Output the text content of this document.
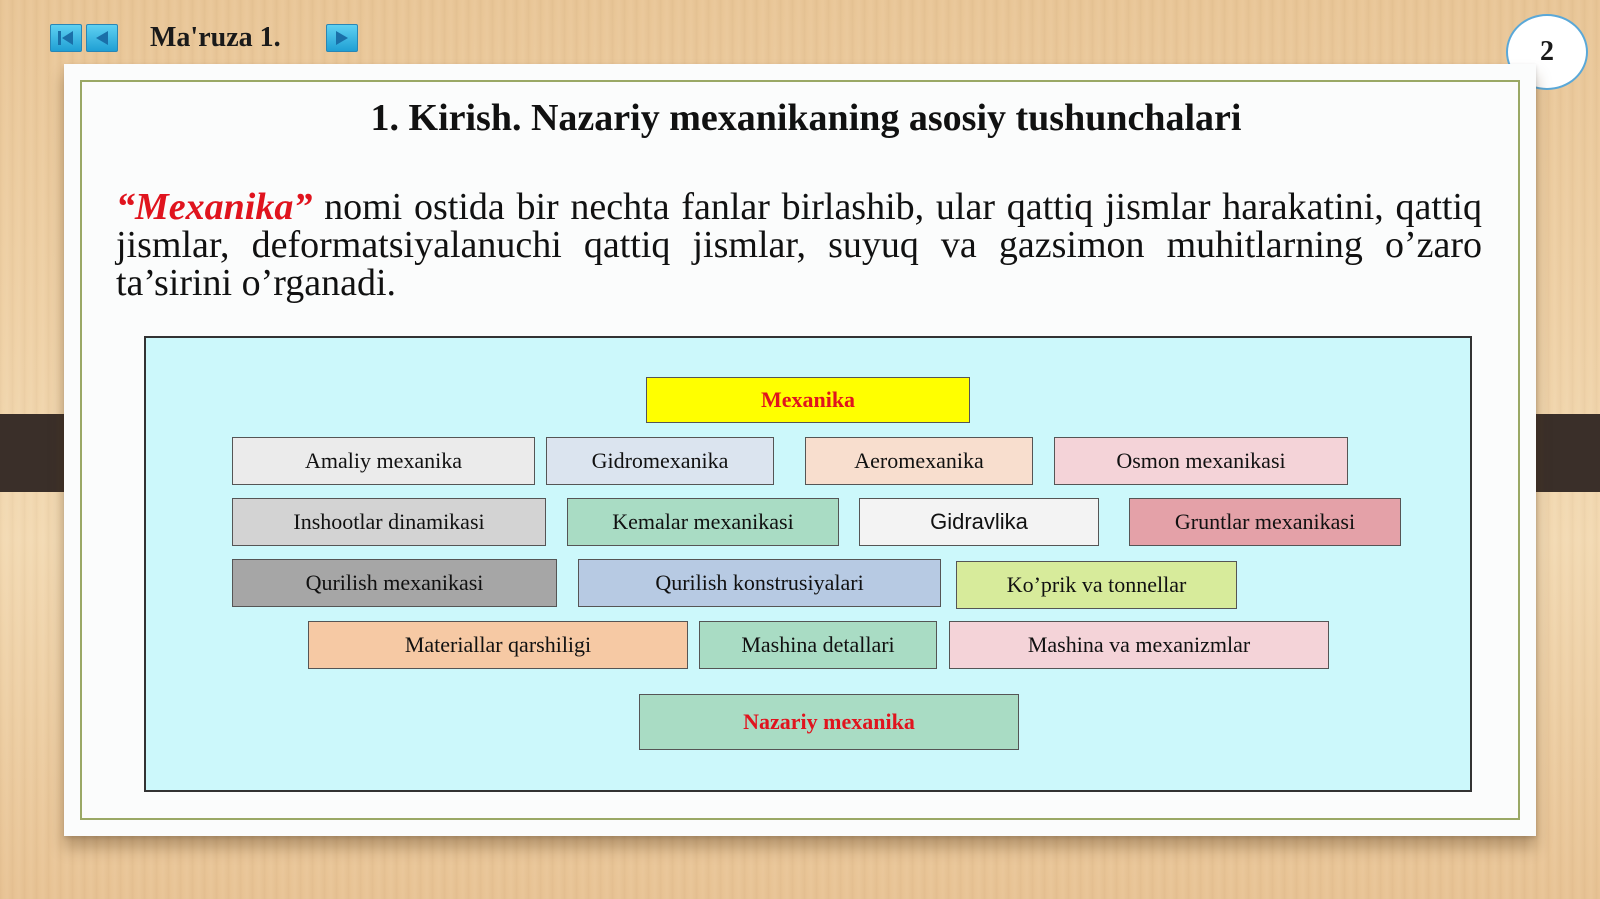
Ma'ruza 1.	2
1. Kirish. Nazariy mexanikaning asosiy tushunchalari
“Mexanika” nomi ostida bir nechta fanlar birlashib, ular qattiq jismlar harakatini, qattiq jismlar, deformatsiyalanuchi qattiq jismlar, suyuq va gazsimon muhitlarning o’zaro ta’sirini o’rganadi.
Mexanika
Amaliy mexanika	Gidromexanika	Aeromexanika	Osmon mexanikasi
Inshootlar dinamikasi	Kemalar mexanikasi	Gidravlika	Gruntlar mexanikasi
Qurilish mexanikasi	Qurilish konstrusiyalari	Ko’prik va tonnellar
Materiallar qarshiligi	Mashina detallari	Mashina va mexanizmlar
Nazariy mexanika
